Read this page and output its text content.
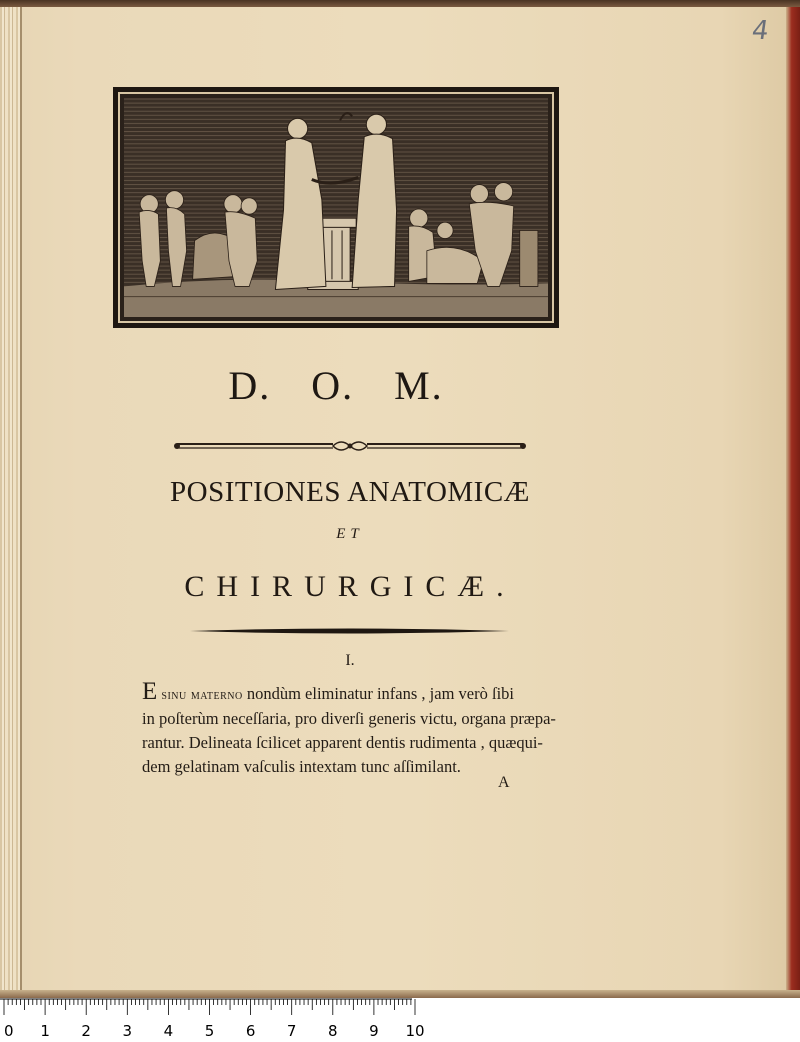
4

D. O. M.
POSITIONES ANATOMICÆ
ET
CHIRURGICÆ.
I.
E sinu materno nondùm eliminatur infans , jam verò ſibi
in poſterùm neceſſaria, pro diverſi generis victu, organa præpa-
rantur. Delineata ſcilicet apparent dentis rudimenta , quæqui-
dem gelatinam vaſculis intextam tunc aſſimilant.
A
0 1 2 3 4 5 6 7 8 9 10
